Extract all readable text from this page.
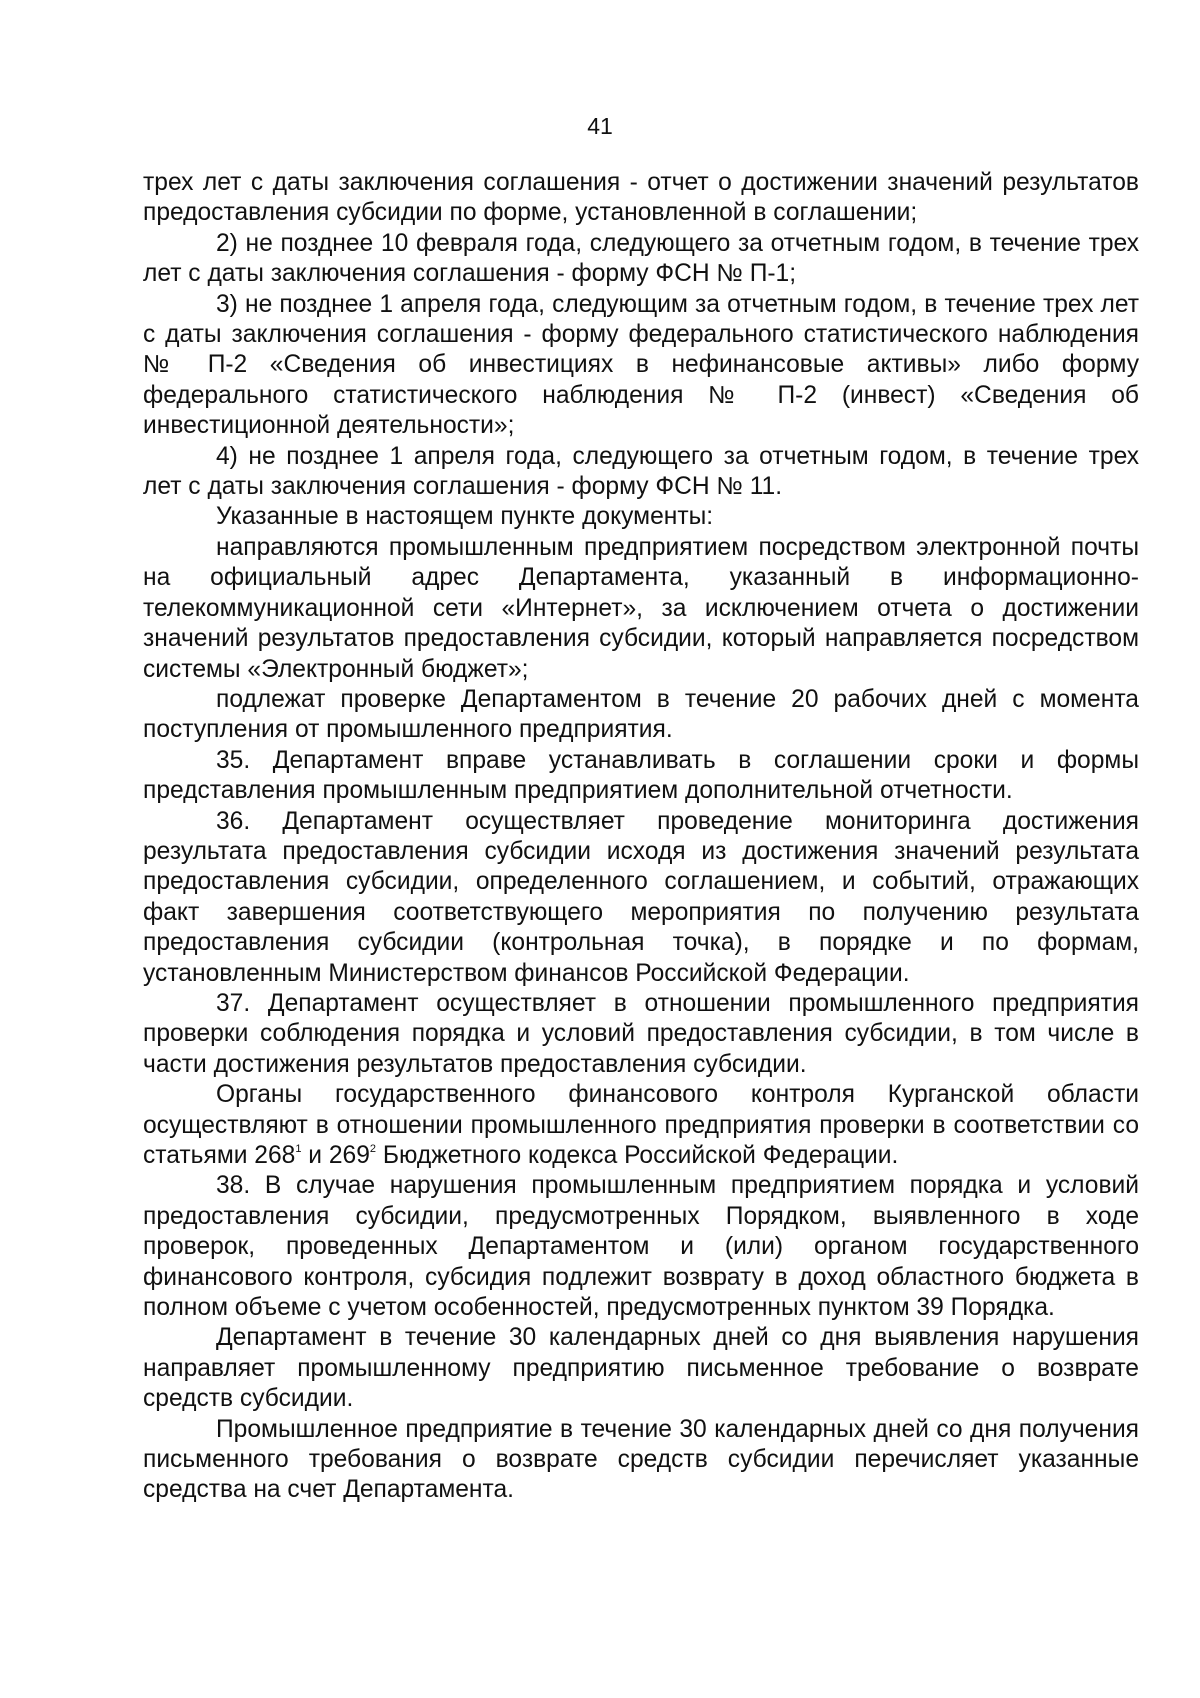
41

трех лет с даты заключения соглашения - отчет о достижении значений результатов предоставления субсидии по форме, установленной в соглашении;

2) не позднее 10 февраля года, следующего за отчетным годом, в течение трех лет с даты заключения соглашения - форму ФСН № П-1;

3) не позднее 1 апреля года, следующим за отчетным годом, в течение трех лет с даты заключения соглашения - форму федерального статистического наблюдения № П-2 «Сведения об инвестициях в нефинансовые активы» либо форму федерального статистического наблюдения № П-2 (инвест) «Сведения об инвестиционной деятельности»;

4) не позднее 1 апреля года, следующего за отчетным годом, в течение трех лет с даты заключения соглашения - форму ФСН № 11.

Указанные в настоящем пункте документы:

направляются промышленным предприятием посредством электронной почты на официальный адрес Департамента, указанный в информационно-телекоммуникационной сети «Интернет», за исключением отчета о достижении значений результатов предоставления субсидии, который направляется посредством системы «Электронный бюджет»;

подлежат проверке Департаментом в течение 20 рабочих дней с момента поступления от промышленного предприятия.

35. Департамент вправе устанавливать в соглашении сроки и формы представления промышленным предприятием дополнительной отчетности.

36. Департамент осуществляет проведение мониторинга достижения результата предоставления субсидии исходя из достижения значений результата предоставления субсидии, определенного соглашением, и событий, отражающих факт завершения соответствующего мероприятия по получению результата предоставления субсидии (контрольная точка), в порядке и по формам, установленным Министерством финансов Российской Федерации.

37. Департамент осуществляет в отношении промышленного предприятия проверки соблюдения порядка и условий предоставления субсидии, в том числе в части достижения результатов предоставления субсидии.

Органы государственного финансового контроля Курганской области осуществляют в отношении промышленного предприятия проверки в соответствии со статьями $268^1$ и $269^2$ Бюджетного кодекса Российской Федерации.

38. В случае нарушения промышленным предприятием порядка и условий предоставления субсидии, предусмотренных Порядком, выявленного в ходе проверок, проведенных Департаментом и (или) органом государственного финансового контроля, субсидия подлежит возврату в доход областного бюджета в полном объеме с учетом особенностей, предусмотренных пунктом 39 Порядка.

Департамент в течение 30 календарных дней со дня выявления нарушения направляет промышленному предприятию письменное требование о возврате средств субсидии.

Промышленное предприятие в течение 30 календарных дней со дня получения письменного требования о возврате средств субсидии перечисляет указанные средства на счет Департамента.
